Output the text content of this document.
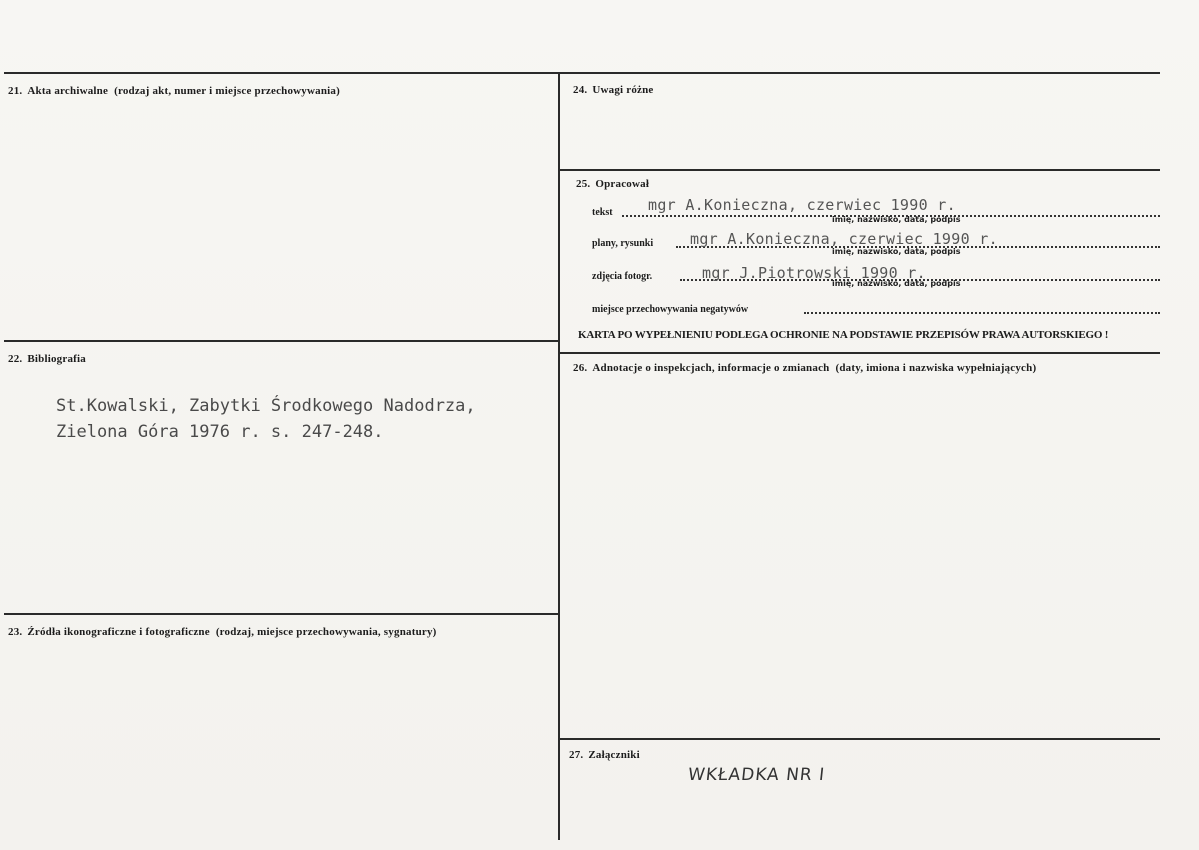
21. Akta archiwalne (rodzaj akt, numer i miejsce przechowywania)
22. Bibliografia
St.Kowalski, Zabytki Środkowego Nadodrza,
Zielona Góra 1976 r. s. 247-248.
23. Źródła ikonograficzne i fotograficzne (rodzaj, miejsce przechowywania, sygnatury)
24. Uwagi różne
25. Opracował
tekst mgr A.Konieczna, czerwiec 1990 r.
imię, nazwisko, data, podpis
plany, rysunki mgr A.Konieczna, czerwiec 1990 r.
imię, nazwisko, data, podpis
zdjęcia fotogr.	mgr J.Piotrowski 1990 r.
imię, nazwisko, data, podpis
miejsce przechowywania negatywów
KARTA PO WYPEŁNIENIU PODLEGA OCHRONIE NA PODSTAWIE PRZEPISÓW PRAWA AUTORSKIEGO !
26. Adnotacje o inspekcjach, informacje o zmianach (daty, imiona i nazwiska wypełniających)
27. Załączniki
WKŁADKA NR I
